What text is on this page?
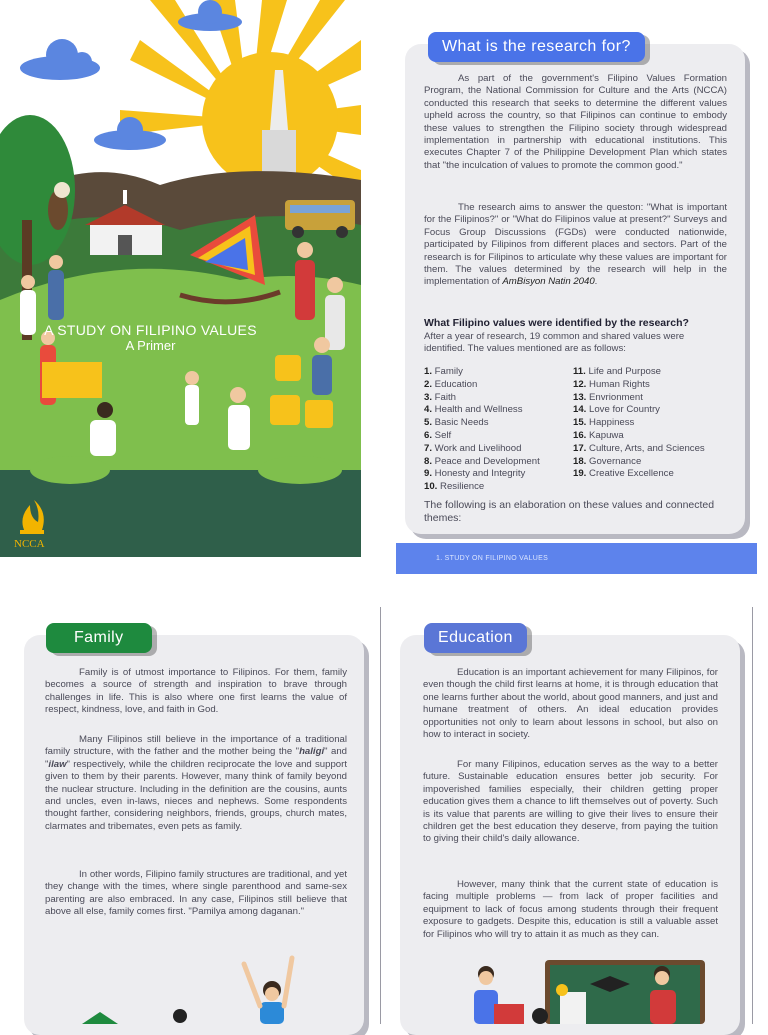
A STUDY ON FILIPINO VALUES
A Primer
NCCA
What is the research for?

As part of the government's Filipino Values Formation Program, the National Commission for Culture and the Arts (NCCA) conducted this research that seeks to determine the different values upheld across the country, so that Filipinos can continue to embody these values to strengthen the Filipino society through widespread implementation in partnership with educational institutions. This executes Chapter 7 of the Philippine Development Plan which states that "the inculcation of values to promote the common good."

The research aims to answer the queston: "What is important for the Filipinos?" or "What do Filipinos value at present?" Surveys and Focus Group Discussions (FGDs) were conducted nationwide, participated by Filipinos from different places and sectors. Part of the research is for Filipinos to articulate why these values are important for them. The values determined by the research will help in the implementation of AmBisyon Natin 2040.

What Filipino values were identified by the research?

After a year of research, 19 common and shared values were identified. The values mentioned are as follows:

1. Family
2. Education
3. Faith
4. Health and Wellness
5. Basic Needs
6. Self
7. Work and Livelihood
8. Peace and Development
9. Honesty and Integrity
10. Resilience
11. Life and Purpose
12. Human Rights
13. Envrionment
14. Love for Country
15. Happiness
16. Kapuwa
17. Culture, Arts, and Sciences
18. Governance
19. Creative Excellence

The following is an elaboration on these values and connected themes:

1. STUDY ON FILIPINO VALUES
Family

Family is of utmost importance to Filipinos. For them, family becomes a source of strength and inspiration to brave through challenges in life. This is also where one first learns the value of respect, kindness, love, and faith in God.

Many Filipinos still believe in the importance of a traditional family structure, with the father and the mother being the "haligi" and "ilaw" respectively, while the children reciprocate the love and support given to them by their parents. However, many think of family beyond the nuclear structure. Including in the definition are the cousins, aunts and uncles, even in-laws, nieces and nephews. Some respondents thought farther, considering neighbors, friends, groups, church mates, clarmates and tribemates, even pets as family.

In other words, Filipino family structures are traditional, and yet they change with the times, where single parenthood and same-sex parenting are also embraced. In any case, Filipinos still believe that above all else, family comes first. "Pamilya among daganan."

Education

Education is an important achievement for many Filipinos, for even though the child first learns at home, it is through education that one learns further about the world, about good manners, and just and humane treatment of others. An ideal education provides opportunities not only to learn about lessons in school, but also on how to interact in society.

For many Filipinos, education serves as the way to a better future. Sustainable education ensures better job security. For impoverished families especially, their children getting proper education gives them a chance to lift themselves out of poverty. Such is its value that parents are willing to give their lives to ensure their children get the best education they deserve, from paying the tuition to giving their child's daily allowance.

However, many think that the current state of education is facing multiple problems — from lack of proper facilities and equipment to lack of focus among students through their frequent exposure to gadgets. Despite this, education is still a valuable asset for Filipinos who will try to attain it as much as they can.
